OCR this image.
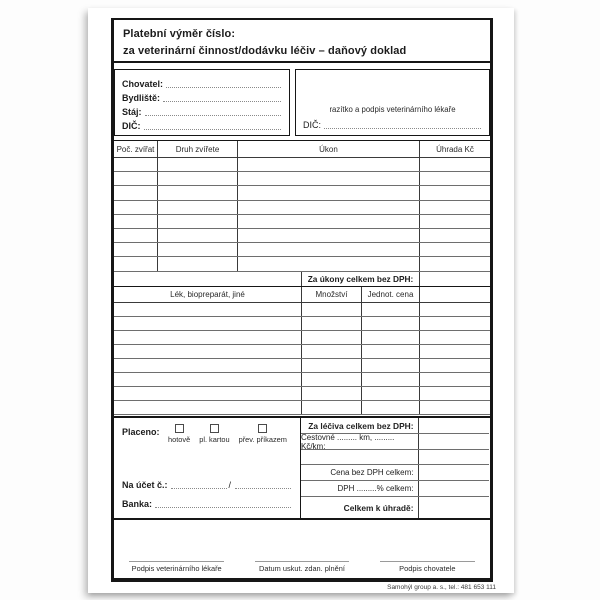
Platební výměr číslo:
za veterinární činnost/dodávku léčiv – daňový doklad
Chovatel:
Bydliště:
Stáj:
DIČ:
razítko a podpis veterinárního lékaře
DIČ:
Poč. zvířat	Druh zvířete	Úkon	Úhrada Kč
Za úkony celkem bez DPH:
Lék, biopreparát, jiné	Množství	Jednot. cena
Placeno:
hotově pl. kartou přev. příkazem
Na účet č.:	/
Banka:
Za léčiva celkem bez DPH:
Cestovné ......... km, ......... Kč/km:
Cena bez DPH celkem:
DPH .........% celkem:
Celkem k úhradě:
Podpis veterinárního lékaře	Datum uskut. zdan. plnění	Podpis chovatele
Samohýl group a. s., tel.: 481 653 111
